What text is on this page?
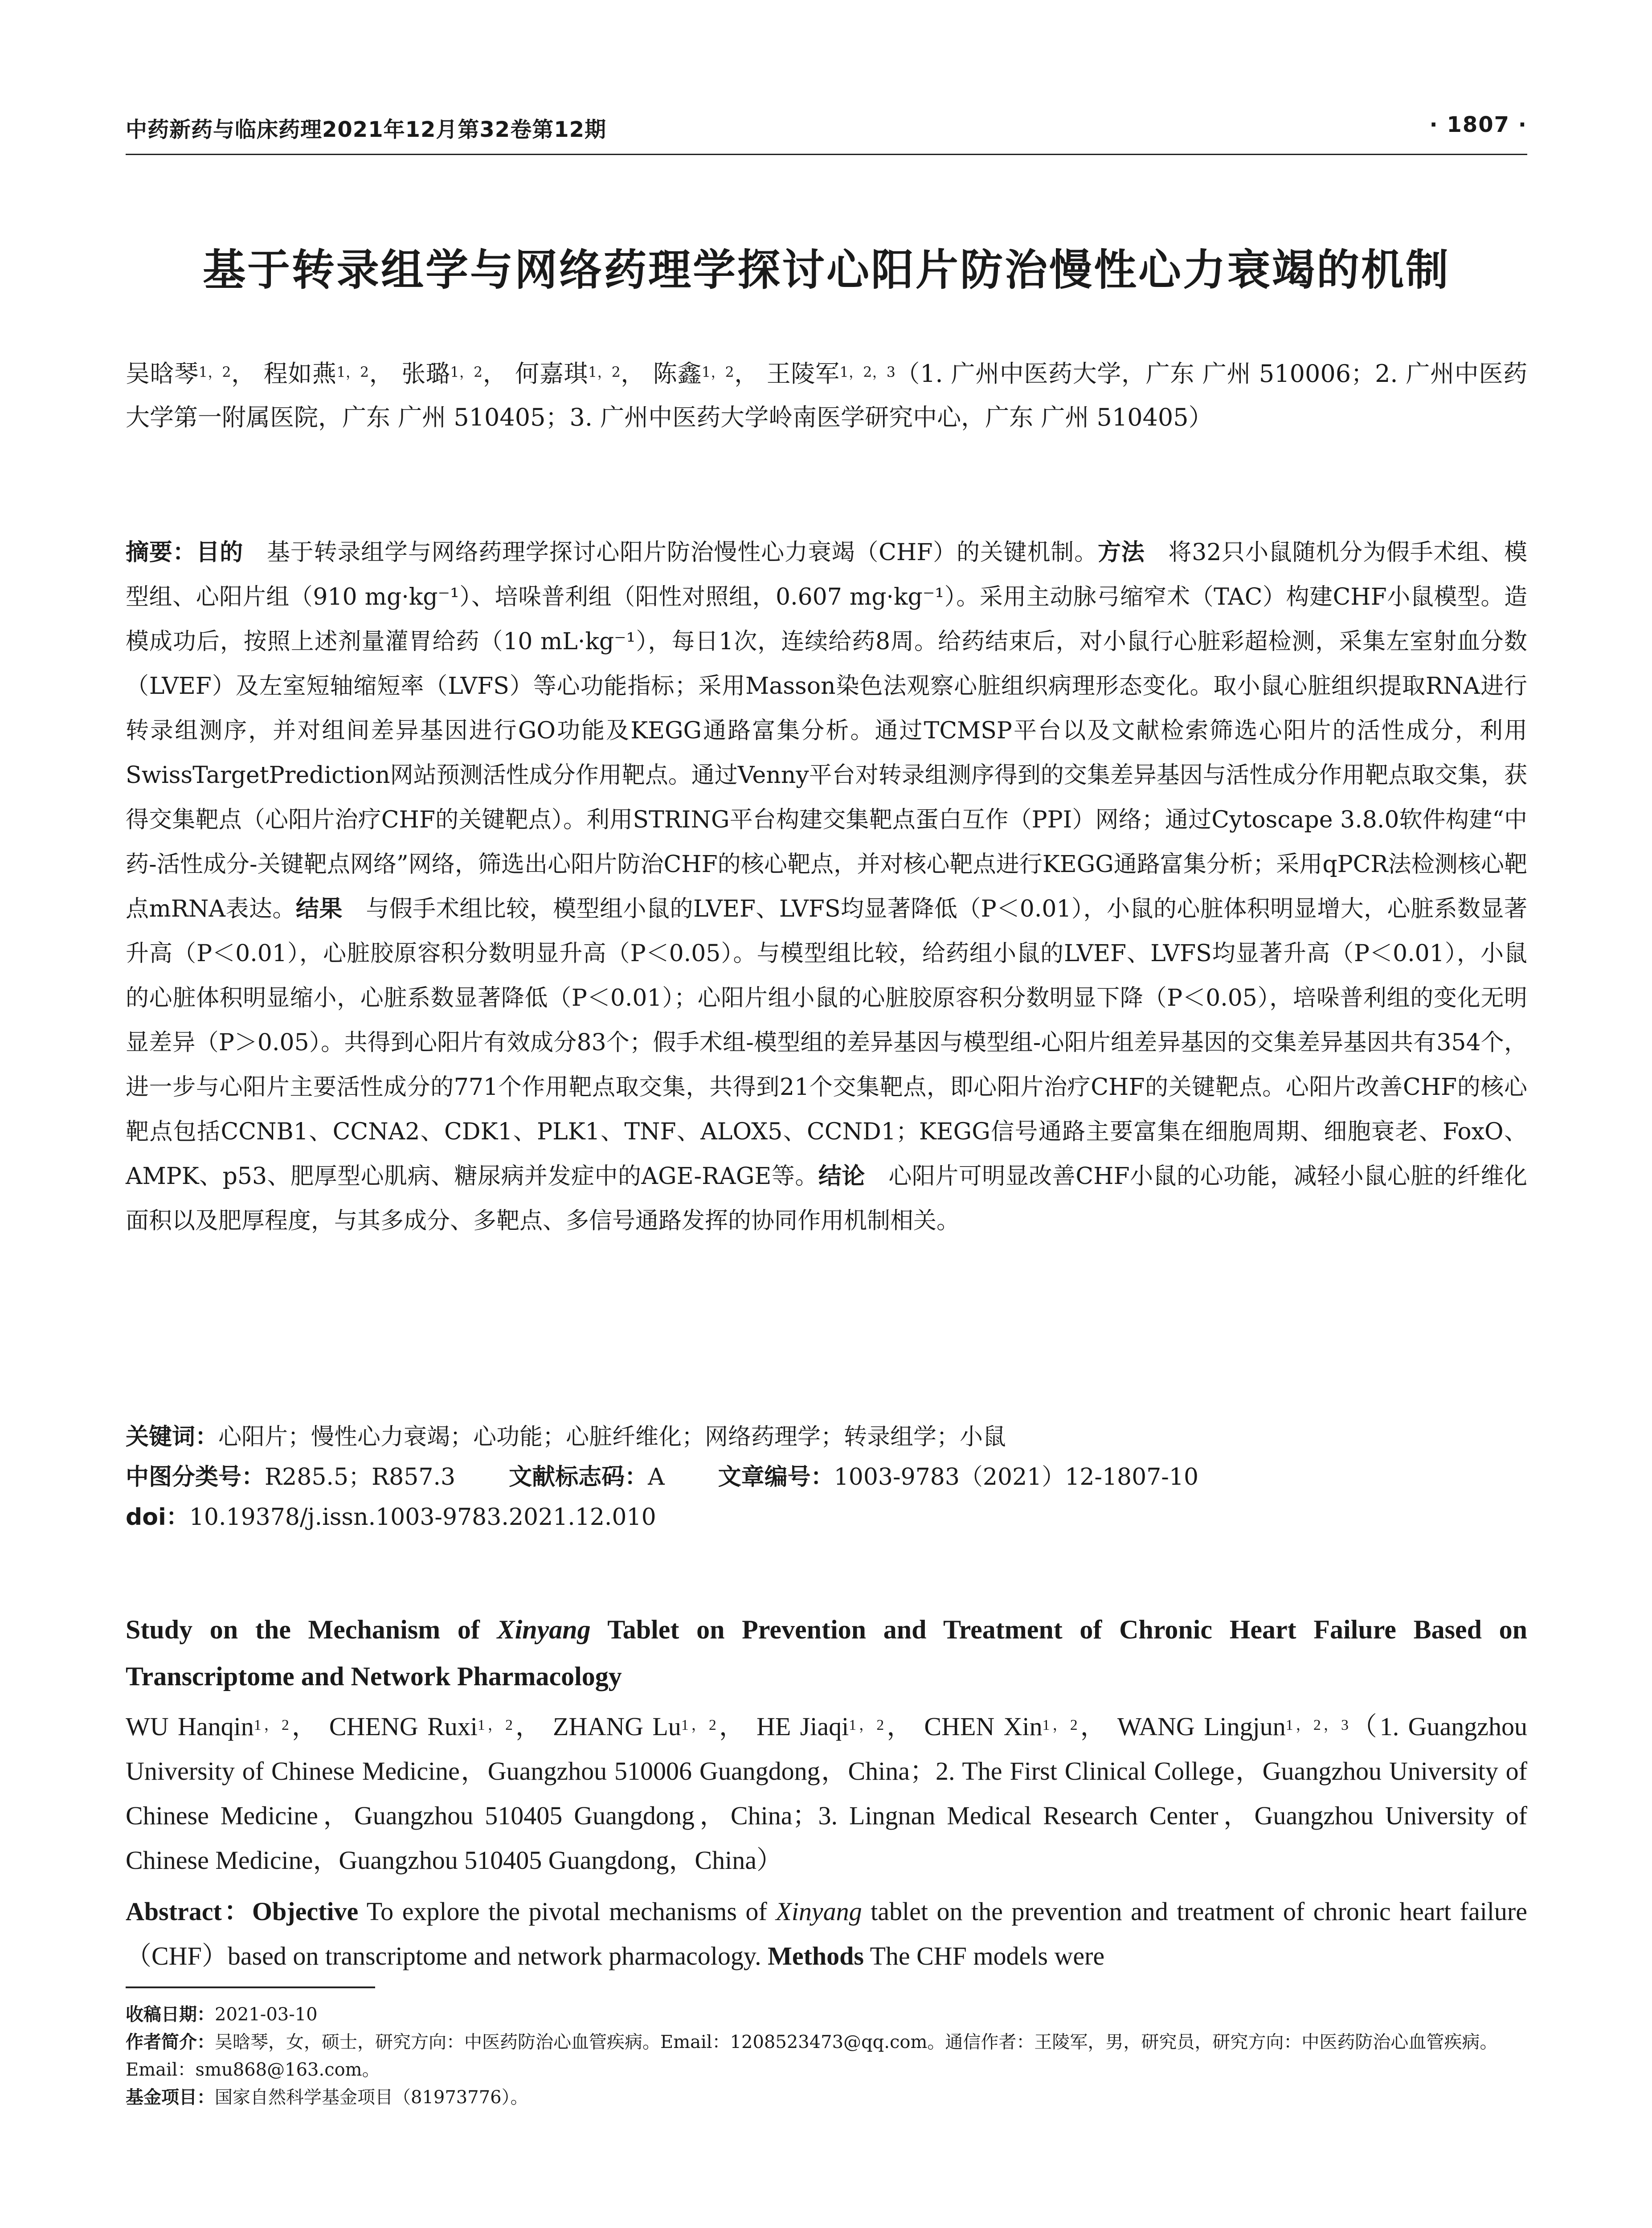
中药新药与临床药理2021年12月第32卷第12期	· 1807 ·
基于转录组学与网络药理学探讨心阳片防治慢性心力衰竭的机制
吴晗琴$^{1,2}$， 程如燕$^{1,2}$， 张璐$^{1,2}$， 何嘉琪$^{1,2}$， 陈鑫$^{1,2}$， 王陵军$^{1,2,3}$（1. 广州中医药大学，广东 广州 510006；2. 广州中医药大学第一附属医院，广东 广州 510405；3. 广州中医药大学岭南医学研究中心，广东 广州 510405）
摘要：目的　 基于转录组学与网络药理学探讨心阳片防治慢性心力衰竭（CHF）的关键机制。方法　 将32只小鼠随机分为假手术组、模型组、心阳片组（910 mg·kg⁻¹）、培哚普利组（阳性对照组，0.607 mg·kg⁻¹）。采用主动脉弓缩窄术（TAC）构建CHF小鼠模型。造模成功后，按照上述剂量灌胃给药（10 mL·kg⁻¹），每日1次，连续给药8周。给药结束后，对小鼠行心脏彩超检测，采集左室射血分数（LVEF）及左室短轴缩短率（LVFS）等心功能指标；采用Masson染色法观察心脏组织病理形态变化。取小鼠心脏组织提取RNA进行转录组测序，并对组间差异基因进行GO功能及KEGG通路富集分析。通过TCMSP平台以及文献检索筛选心阳片的活性成分，利用SwissTargetPrediction网站预测活性成分作用靶点。通过Venny平台对转录组测序得到的交集差异基因与活性成分作用靶点取交集，获得交集靶点（心阳片治疗CHF的关键靶点）。利用STRING平台构建交集靶点蛋白互作（PPI）网络；通过Cytoscape 3.8.0软件构建“中药-活性成分-关键靶点网络”网络，筛选出心阳片防治CHF的核心靶点，并对核心靶点进行KEGG通路富集分析；采用qPCR法检测核心靶点mRNA表达。结果　 与假手术组比较，模型组小鼠的LVEF、LVFS均显著降低（P＜0.01），小鼠的心脏体积明显增大，心脏系数显著升高（P＜0.01），心脏胶原容积分数明显升高（P＜0.05）。与模型组比较，给药组小鼠的LVEF、LVFS均显著升高（P＜0.01），小鼠的心脏体积明显缩小，心脏系数显著降低（P＜0.01）；心阳片组小鼠的心脏胶原容积分数明显下降（P＜0.05），培哚普利组的变化无明显差异（P＞0.05）。共得到心阳片有效成分83个；假手术组-模型组的差异基因与模型组-心阳片组差异基因的交集差异基因共有354个，进一步与心阳片主要活性成分的771个作用靶点取交集，共得到21个交集靶点，即心阳片治疗CHF的关键靶点。心阳片改善CHF的核心靶点包括CCNB1、CCNA2、CDK1、PLK1、TNF、ALOX5、CCND1；KEGG信号通路主要富集在细胞周期、细胞衰老、FoxO、AMPK、p53、肥厚型心肌病、糖尿病并发症中的AGE-RAGE等。结论　 心阳片可明显改善CHF小鼠的心功能，减轻小鼠心脏的纤维化面积以及肥厚程度，与其多成分、多靶点、多信号通路发挥的协同作用机制相关。
关键词：心阳片；慢性心力衰竭；心功能；心脏纤维化；网络药理学；转录组学；小鼠
中图分类号：R285.5；R857.3 文献标志码：A 文章编号：1003-9783（2021）12-1807-10
doi：10.19378/j.issn.1003-9783.2021.12.010
Study on the Mechanism of Xinyang Tablet on Prevention and Treatment of Chronic Heart Failure Based on Transcriptome and Network Pharmacology
WU Hanqin$^{1,2}$， CHENG Ruxi$^{1,2}$， ZHANG $Lu^{1,2}$， HE Jiaqi$^{1,2}$， CHEN Xin$^{1,2}$， WANG Lingjun$^{1,2,3}$（1. Guangzhou University of Chinese Medicine，Guangzhou 510006 Guangdong，China；2. The First Clinical College，Guangzhou University of Chinese Medicine，Guangzhou 510405 Guangdong，China；3. Lingnan Medical Research Center，Guangzhou University of Chinese Medicine，Guangzhou 510405 Guangdong，China）
Abstract：Objective To explore the pivotal mechanisms of Xinyang tablet on the prevention and treatment of chronic heart failure（CHF）based on transcriptome and network pharmacology. Methods The CHF models were
收稿日期：2021-03-10
作者简介：吴晗琴，女，硕士，研究方向：中医药防治心血管疾病。Email：1208523473@qq.com。通信作者：王陵军，男，研究员，研究方向：中医药防治心血管疾病。Email：smu868@163.com。
基金项目：国家自然科学基金项目（81973776）。
